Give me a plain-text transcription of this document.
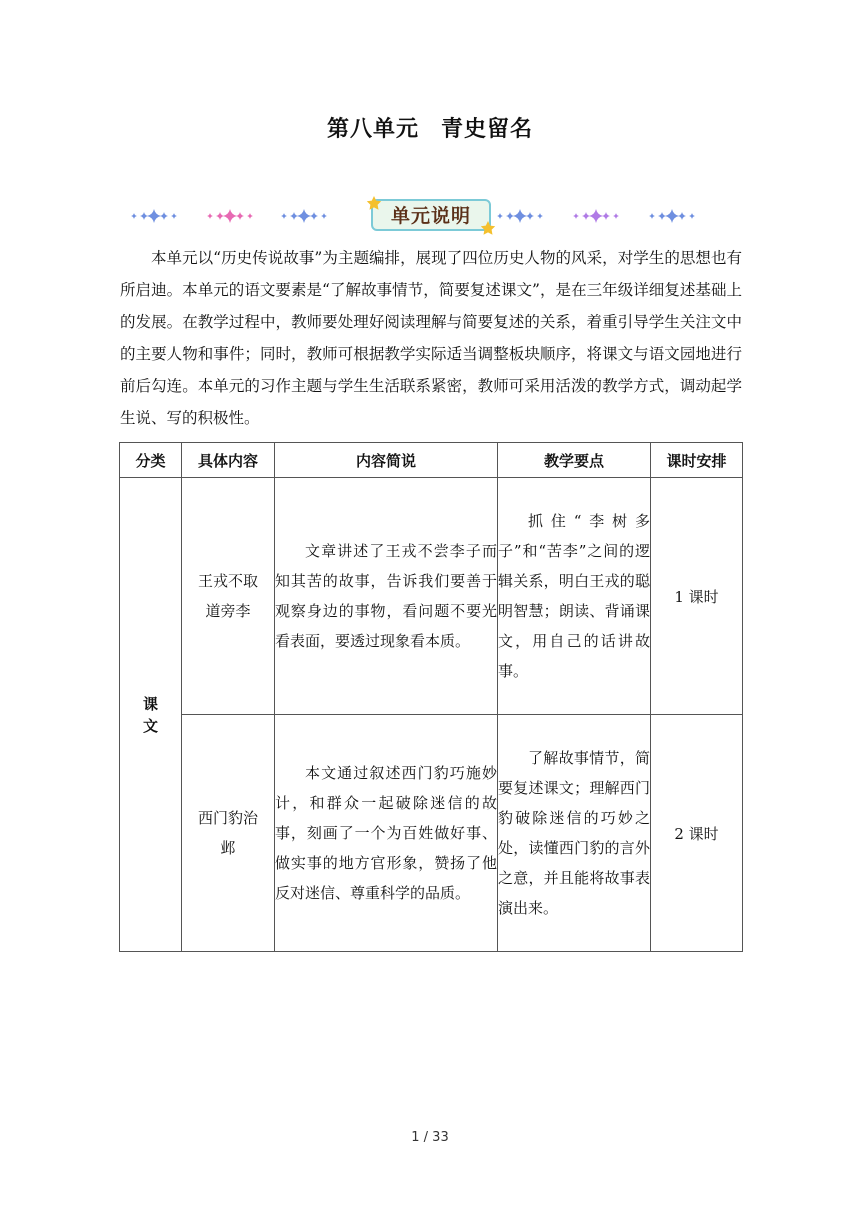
第八单元 青史留名
单元说明

本单元以“历史传说故事”为主题编排，展现了四位历史人物的风采，对学生的思想也有所启迪。本单元的语文要素是“了解故事情节，简要复述课文”，是在三年级详细复述基础上的发展。在教学过程中，教师要处理好阅读理解与简要复述的关系，着重引导学生关注文中的主要人物和事件；同时，教师可根据教学实际适当调整板块顺序，将课文与语文园地进行前后勾连。本单元的习作主题与学生生活联系紧密，教师可采用活泼的教学方式，调动起学生说、写的积极性。

分类	具体内容	内容简说	教学要点	课时安排

课文	王戎不取道旁李	文章讲述了王戎不尝李子而知其苦的故事，告诉我们要善于观察身边的事物，看问题不要光看表面，要透过现象看本质。	抓住“李树多子”和“苦李”之间的逻辑关系，明白王戎的聪明智慧；朗读、背诵课文，用自己的话讲故事。	1 课时

	西门豹治邺	本文通过叙述西门豹巧施妙计，和群众一起破除迷信的故事，刻画了一个为百姓做好事、做实事的地方官形象，赞扬了他反对迷信、尊重科学的品质。	了解故事情节，简要复述课文；理解西门豹破除迷信的巧妙之处，读懂西门豹的言外之意，并且能将故事表演出来。	2 课时
1 / 33
